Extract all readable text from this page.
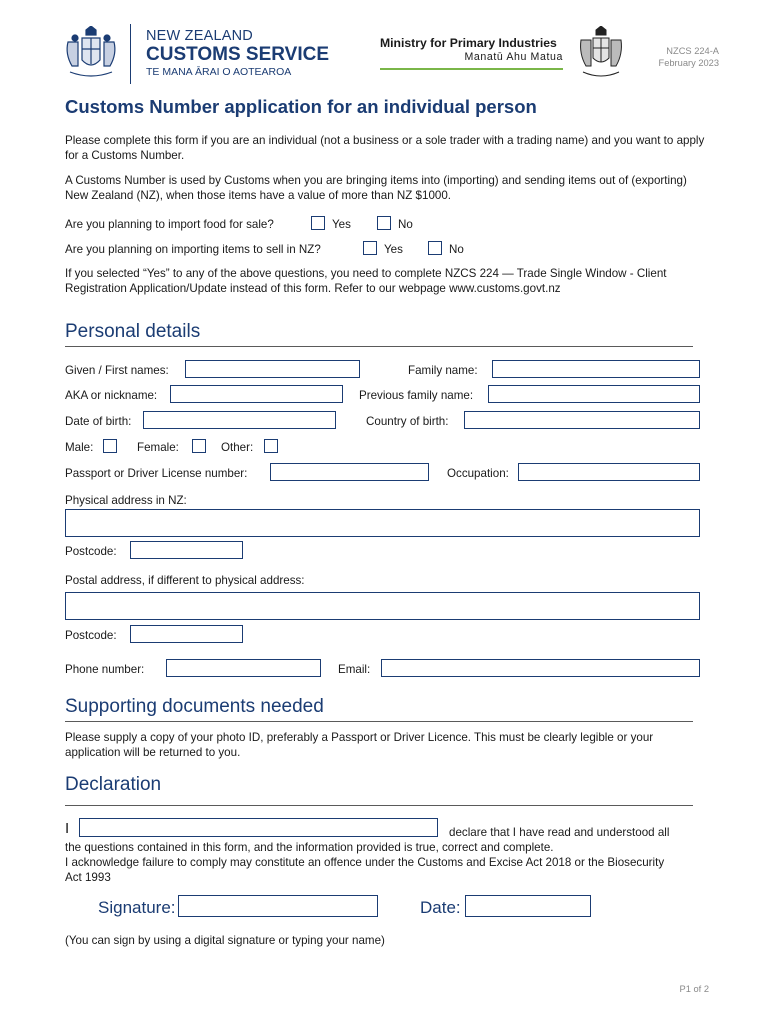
NEW ZEALAND
CUSTOMS SERVICE
TE MANA ĀRAI O AOTEAROA
Ministry for Primary Industries
Manatū Ahu Matua	NZCS 224-A
February 2023
Customs Number application for an individual person
Please complete this form if you are an individual (not a business or a sole trader with a trading name) and you want to apply for a Customs Number.
A Customs Number is used by Customs when you are bringing items into (importing) and sending items out of (exporting) New Zealand (NZ), when those items have a value of more than NZ $1000.
Are you planning to import food for sale?	Yes	No
Are you planning on importing items to sell in NZ?	Yes	No
If you selected “Yes” to any of the above questions, you need to complete NZCS 224 — Trade Single Window - Client Registration Application/Update instead of this form. Refer to our webpage www.customs.govt.nz
Personal details
Given / First names:	Family name:
AKA or nickname:	Previous family name:
Date of birth:	Country of birth:
Male:	Female:	Other:
Passport or Driver License number:	Occupation:
Physical address in NZ:
Postcode:
Postal address, if different to physical address:
Postcode:
Phone number:	Email:
Supporting documents needed
Please supply a copy of your photo ID, preferably a Passport or Driver Licence. This must be clearly legible or your application will be returned to you.
Declaration
I	declare that I have read and understood all
the questions contained in this form, and the information provided is true, correct and complete.
I acknowledge failure to comply may constitute an offence under the Customs and Excise Act 2018 or the Biosecurity Act 1993
Signature:	Date:
(You can sign by using a digital signature or typing your name)
P1 of 2
